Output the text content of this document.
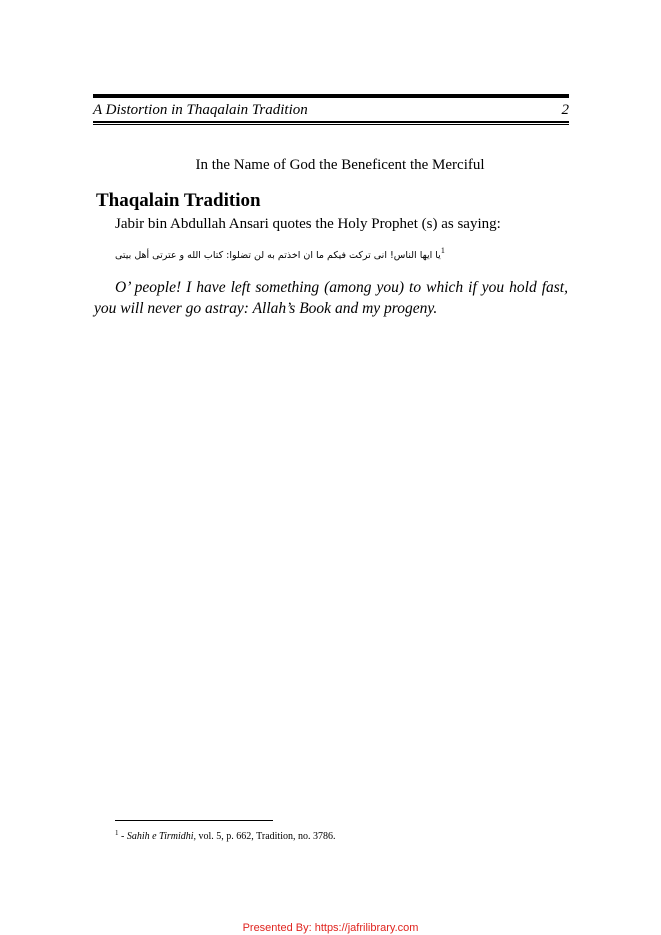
A Distortion in Thaqalain Tradition	2
In the Name of God the Beneficent the Merciful
Thaqalain Tradition
Jabir bin Abdullah Ansari quotes the Holy Prophet (s) as saying:
يا ايها الناس! انى تركت فيكم ما ان اخذتم به لن تضلوا: كتاب الله و عترتى أهل بيتى$^1$
O’ people! I have left something (among you) to which if you hold fast, you will never go astray: Allah’s Book and my progeny.
$^1$ - Sahih e Tirmidhi, vol. 5, p. 662, Tradition, no. 3786.
Presented By: https://jafrilibrary.com
